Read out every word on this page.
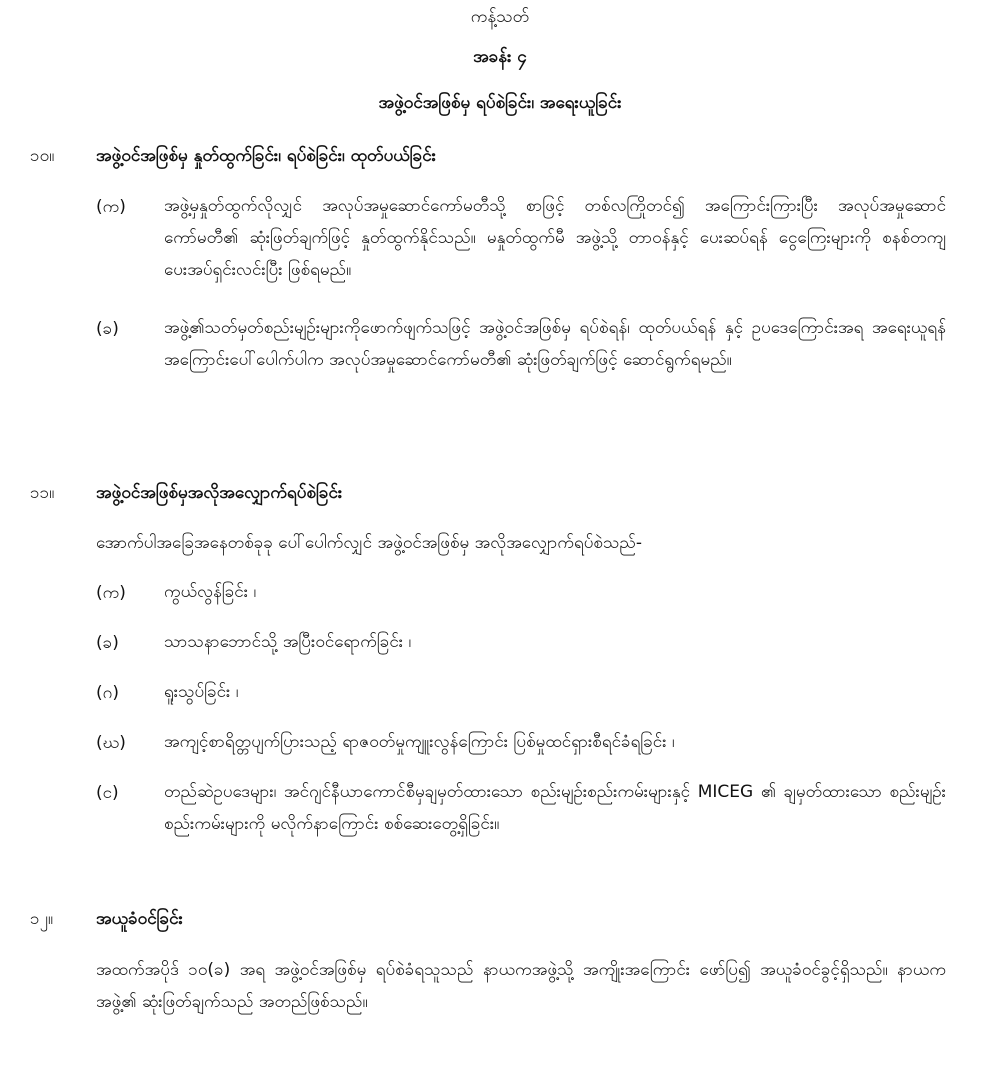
ကန့်သတ်
အခန်း ၄
အဖွဲ့ဝင်အဖြစ်မှ ရပ်စဲခြင်း၊ အရေးယူခြင်း
၁၀။	အဖွဲ့ဝင်အဖြစ်မှ နှုတ်ထွက်ခြင်း၊ ရပ်စဲခြင်း၊ ထုတ်ပယ်ခြင်း
(က)	အဖွဲ့မှနှုတ်ထွက်လိုလျှင် အလုပ်အမှုဆောင်ကော်မတီသို့ စာဖြင့် တစ်လကြိုတင်၍ အကြောင်းကြားပြီး အလုပ်အမှုဆောင်ကော်မတီ၏ ဆုံးဖြတ်ချက်ဖြင့် နှုတ်ထွက်နိုင်သည်။ မနှုတ်ထွက်မီ အဖွဲ့သို့ တာဝန်နှင့် ပေးဆပ်ရန် ငွေကြေးများကို စနစ်တကျပေးအပ်ရှင်းလင်းပြီး ဖြစ်ရမည်။
(ခ)	အဖွဲ့၏သတ်မှတ်စည်းမျဉ်းများကိုဖောက်ဖျက်သဖြင့် အဖွဲ့ဝင်အဖြစ်မှ ရပ်စဲရန်၊ ထုတ်ပယ်ရန် နှင့် ဥပဒေကြောင်းအရ အရေးယူရန် အကြောင်းပေါ်ပေါက်ပါက အလုပ်အမှုဆောင်ကော်မတီ၏ ဆုံးဖြတ်ချက်ဖြင့် ဆောင်ရွက်ရမည်။
၁၁။	အဖွဲ့ဝင်အဖြစ်မှအလိုအလျှောက်ရပ်စဲခြင်း
အောက်ပါအခြေအနေတစ်ခုခု ပေါ်ပေါက်လျှင် အဖွဲ့ဝင်အဖြစ်မှ အလိုအလျှောက်ရပ်စဲသည်-
(က)	ကွယ်လွန်ခြင်း ၊
(ခ)	သာသနာဘောင်သို့ အပြီးဝင်ရောက်ခြင်း ၊
(ဂ)	ရူးသွပ်ခြင်း ၊
(ဃ)	အကျင့်စာရိတ္တပျက်ပြားသည့် ရာဇဝတ်မှုကျူးလွန်ကြောင်း ပြစ်မှုထင်ရှားစီရင်ခံရခြင်း ၊
(င)	တည်ဆဲဥပဒေများ၊ အင်ဂျင်နီယာကောင်စီမှချမှတ်ထားသော စည်းမျဉ်းစည်းကမ်းများနှင့် MICEG ၏ ချမှတ်ထားသော စည်းမျဉ်းစည်းကမ်းများကို မလိုက်နာကြောင်း စစ်ဆေးတွေ့ရှိခြင်း။
၁၂။	အယူခံဝင်ခြင်း
အထက်အပိုဒ် ၁၀(ခ) အရ အဖွဲ့ဝင်အဖြစ်မှ ရပ်စဲခံရသူသည် နာယကအဖွဲ့သို့ အကျိုးအကြောင်း ဖော်ပြ၍ အယူခံဝင်ခွင့်ရှိသည်။ နာယကအဖွဲ့၏ ဆုံးဖြတ်ချက်သည် အတည်ဖြစ်သည်။
